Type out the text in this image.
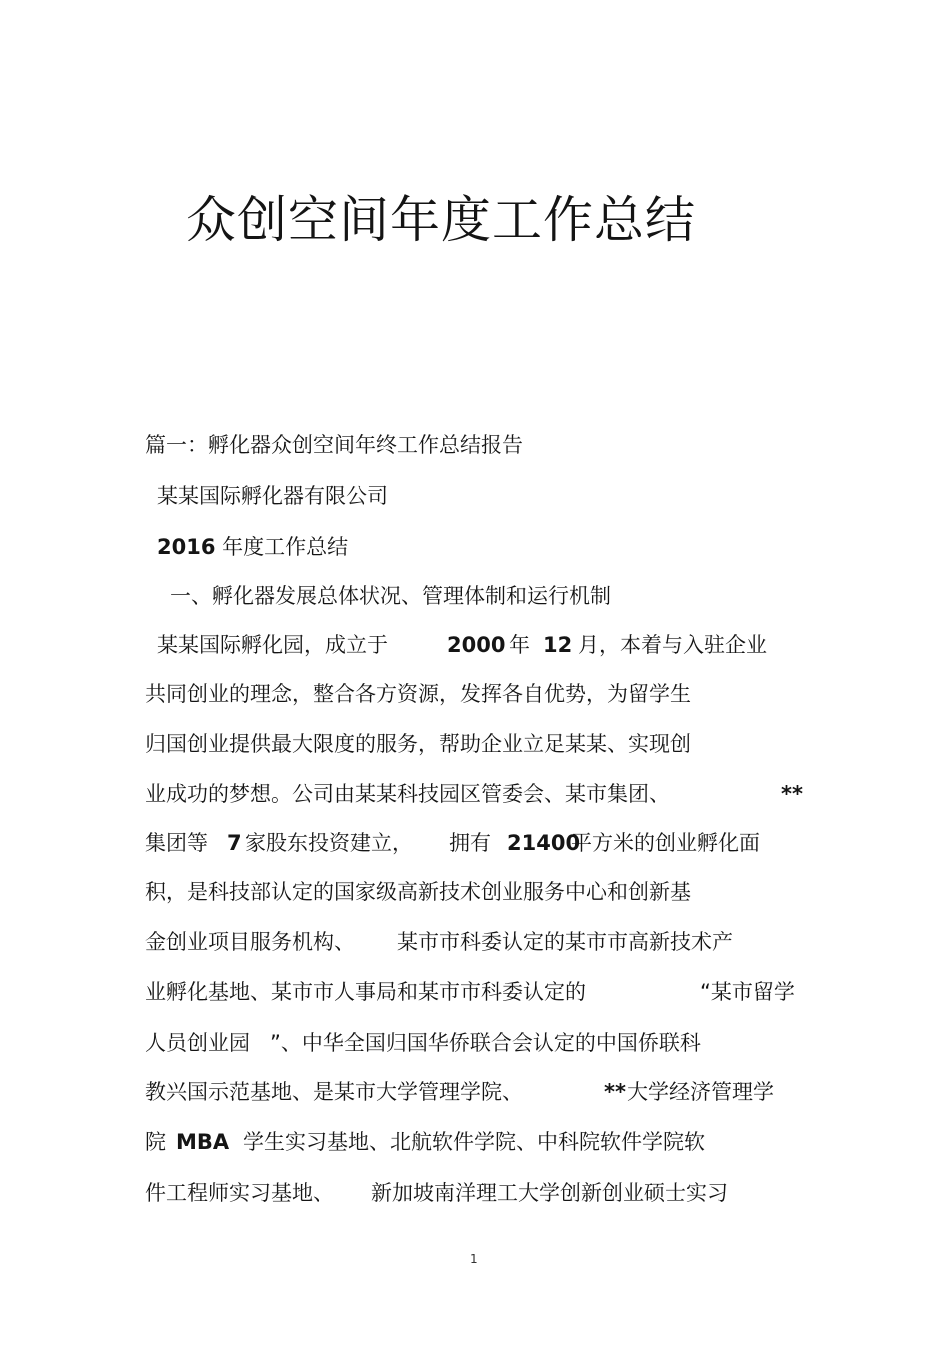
众创空间年度工作总结
篇一：孵化器众创空间年终工作总结报告
某某国际孵化器有限公司
2016 年度工作总结
一、孵化器发展总体状况、管理体制和运行机制
某某国际孵化园，成立于	2000 年 12 月，本着与入驻企业
共同创业的理念，整合各方资源，发挥各自优势，为留学生
归国创业提供最大限度的服务，帮助企业立足某某、实现创
业成功的梦想。公司由某某科技园区管委会、某市集团、	**
集团等 7 家股东投资建立， 拥有 21400
平方米的创业孵化面
积，是科技部认定的国家级高新技术创业服务中心和创新基
金创业项目服务机构、 某市市科委认定的某市市高新技术产
业孵化基地、某市市人事局和某市市科委认定的	“某市留学
人员创业园 ”、中华全国归国华侨联合会认定的中国侨联科
教兴国示范基地、是某市大学管理学院、	** 大学经济管理学
院 MBA 学生实习基地、北航软件学院、中科院软件学院软
件工程师实习基地、 新加坡南洋理工大学创新创业硕士实习
1
